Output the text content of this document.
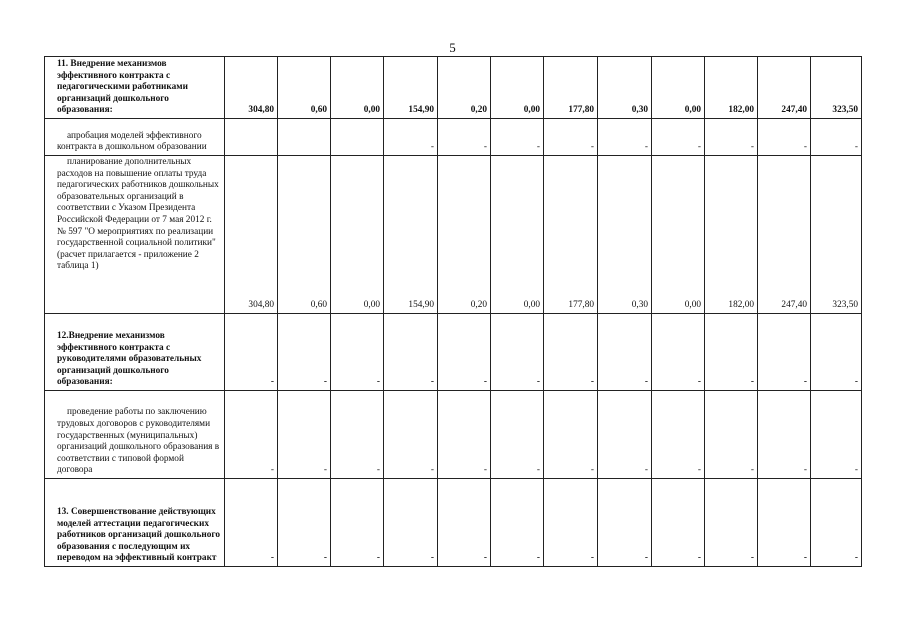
5
11. Внедрение механизмов эффективного контракта с педагогическими работниками организаций дошкольного образования:	304,80	0,60	0,00	154,90	0,20	0,00	177,80	0,30	0,00	182,00	247,40	323,50
апробация моделей эффективного контракта в дошкольном образовании				-	-	-	-	-	-	-	-	-
планирование дополнительных расходов на повышение оплаты труда педагогических работников дошкольных образовательных организаций в соответствии с Указом Президента Российской Федерации от 7 мая 2012 г. № 597 "О мероприятиях по реализации государственной социальной политики" (расчет прилагается - приложение 2 таблица 1)	304,80	0,60	0,00	154,90	0,20	0,00	177,80	0,30	0,00	182,00	247,40	323,50
12.Внедрение механизмов эффективного контракта с руководителями образовательных организаций дошкольного образования:	-	-	-	-	-	-	-	-	-	-	-	-
проведение работы по заключению трудовых договоров с руководителями государственных (муниципальных) организаций дошкольного образования в соответствии с типовой формой договора	-	-	-	-	-	-	-	-	-	-	-	-
13. Совершенствование действующих моделей аттестации педагогических работников организаций дошкольного образования с последующим их переводом на эффективный контракт	-	-	-	-	-	-	-	-	-	-	-	-
